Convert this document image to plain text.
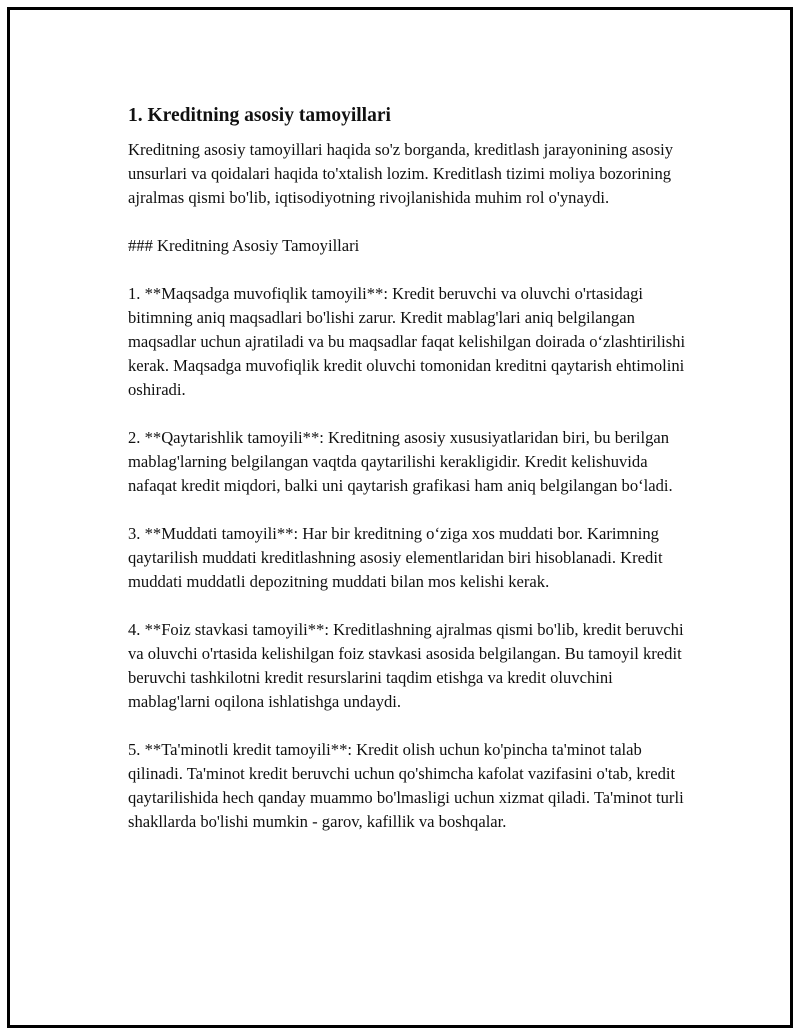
1. Kreditning asosiy tamoyillari

Kreditning asosiy tamoyillari haqida so'z borganda, kreditlash jarayonining asosiy unsurlari va qoidalari haqida to'xtalish lozim. Kreditlash tizimi moliya bozorining ajralmas qismi bo'lib, iqtisodiyotning rivojlanishida muhim rol o'ynaydi.

### Kreditning Asosiy Tamoyillari

1. **Maqsadga muvofiqlik tamoyili**: Kredit beruvchi va oluvchi o'rtasidagi bitimning aniq maqsadlari bo'lishi zarur. Kredit mablag'lari aniq belgilangan maqsadlar uchun ajratiladi va bu maqsadlar faqat kelishilgan doirada o‘zlashtirilishi kerak. Maqsadga muvofiqlik kredit oluvchi tomonidan kreditni qaytarish ehtimolini oshiradi.

2. **Qaytarishlik tamoyili**: Kreditning asosiy xususiyatlaridan biri, bu berilgan mablag'larning belgilangan vaqtda qaytarilishi kerakligidir. Kredit kelishuvida nafaqat kredit miqdori, balki uni qaytarish grafikasi ham aniq belgilangan bo‘ladi.

3. **Muddati tamoyili**: Har bir kreditning o‘ziga xos muddati bor. Karimning qaytarilish muddati kreditlashning asosiy elementlaridan biri hisoblanadi. Kredit muddati muddatli depozitning muddati bilan mos kelishi kerak.

4. **Foiz stavkasi tamoyili**: Kreditlashning ajralmas qismi bo'lib, kredit beruvchi va oluvchi o'rtasida kelishilgan foiz stavkasi asosida belgilangan. Bu tamoyil kredit beruvchi tashkilotni kredit resurslarini taqdim etishga va kredit oluvchini mablag'larni oqilona ishlatishga undaydi.

5. **Ta'minotli kredit tamoyili**: Kredit olish uchun ko'pincha ta'minot talab qilinadi. Ta'minot kredit beruvchi uchun qo'shimcha kafolat vazifasini o'tab, kredit qaytarilishida hech qanday muammo bo'lmasligi uchun xizmat qiladi. Ta'minot turli shakllarda bo'lishi mumkin - garov, kafillik va boshqalar.
